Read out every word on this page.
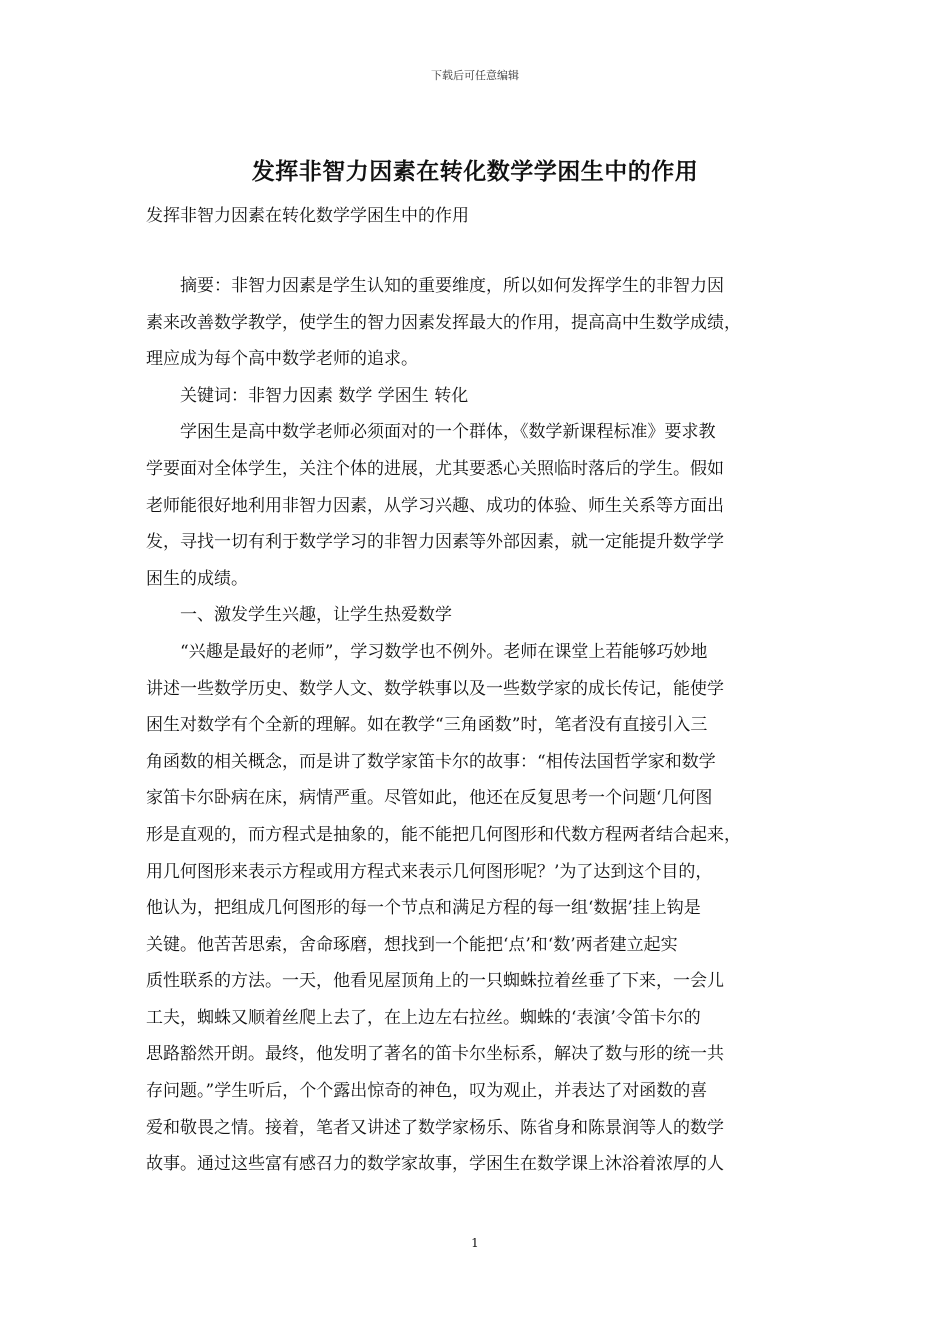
下载后可任意编辑
发挥非智力因素在转化数学学困生中的作用
发挥非智力因素在转化数学学困生中的作用

摘要：非智力因素是学生认知的重要维度，所以如何发挥学生的非智力因

素来改善数学教学，使学生的智力因素发挥最大的作用，提高高中生数学成绩，

理应成为每个高中数学老师的追求。

关键词：非智力因素 数学 学困生 转化

学困生是高中数学老师必须面对的一个群体，《数学新课程标准》要求教

学要面对全体学生，关注个体的进展，尤其要悉心关照临时落后的学生。假如

老师能很好地利用非智力因素，从学习兴趣、成功的体验、师生关系等方面出

发，寻找一切有利于数学学习的非智力因素等外部因素，就一定能提升数学学

困生的成绩。

一、激发学生兴趣，让学生热爱数学

“兴趣是最好的老师”，学习数学也不例外。老师在课堂上若能够巧妙地

讲述一些数学历史、数学人文、数学轶事以及一些数学家的成长传记，能使学

困生对数学有个全新的理解。如在教学“三角函数”时，笔者没有直接引入三

角函数的相关概念，而是讲了数学家笛卡尔的故事：“相传法国哲学家和数学

家笛卡尔卧病在床，病情严重。尽管如此，他还在反复思考一个问题‘几何图

形是直观的，而方程式是抽象的，能不能把几何图形和代数方程两者结合起来，

用几何图形来表示方程或用方程式来表示几何图形呢？’为了达到这个目的，

他认为，把组成几何图形的每一个节点和满足方程的每一组‘数据’挂上钩是

关键。他苦苦思索，舍命琢磨，想找到一个能把‘点’和‘数’两者建立起实

质性联系的方法。一天，他看见屋顶角上的一只蜘蛛拉着丝垂了下来，一会儿

工夫，蜘蛛又顺着丝爬上去了，在上边左右拉丝。蜘蛛的‘表演’令笛卡尔的

思路豁然开朗。最终，他发明了著名的笛卡尔坐标系，解决了数与形的统一共

存问题。”学生听后，个个露出惊奇的神色，叹为观止，并表达了对函数的喜

爱和敬畏之情。接着，笔者又讲述了数学家杨乐、陈省身和陈景润等人的数学

故事。通过这些富有感召力的数学家故事，学困生在数学课上沐浴着浓厚的人

1
